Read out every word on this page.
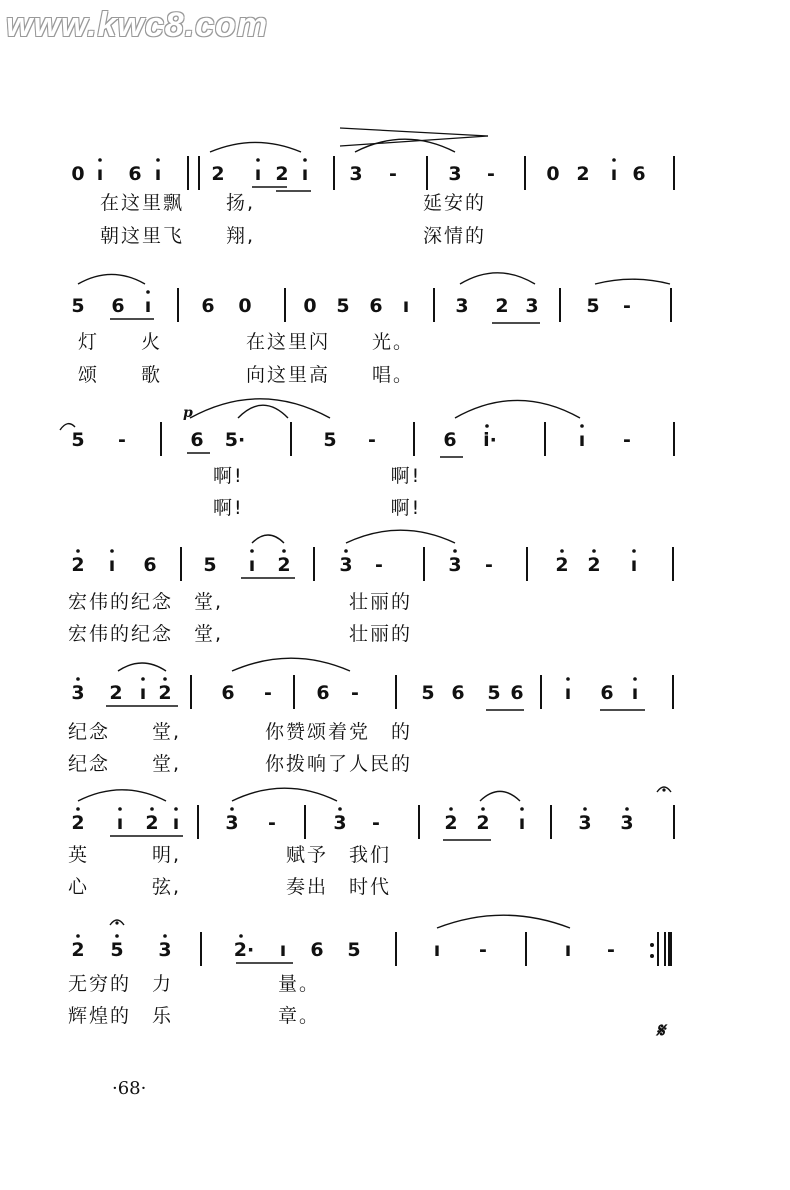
www.kwc8.com
0 ı	6 ı	2	ı 2 ı	3	-	3	-	0 2	ı 6
在这里飘　　扬,　　　　　　　　延安的
朝这里飞　　翔,　　　　　　　　深情的
5 6	ı	6 0	0 5 6	ı	3 2 3	5	-
灯　　火　　　　在这里闪　　光。
颂　　歌　　　　向这里高　　唱。
5	-	6 5·	5	-	6 i·	ı	-
　　　　　啊!　　　　　　　啊!
　　　　　啊!　　　　　　　啊!
2	ı	6 5	ı	2	3	-	3	-	2 2	ı
宏伟的纪念　堂,　　　　　　壮丽的
宏伟的纪念　堂,　　　　　　壮丽的
3 2 ı 2	6	-	6	-	5 6 5 6	ı	6 ı
纪念　　堂,　　　　你赞颂着党　的
纪念　　堂,　　　　你拨响了人民的
2	ı	2 ı	3	-	3	-	2 2	ı	3 3
英　　　明,　　　　　赋予　我们
心　　　弦,　　　　　奏出　时代
2 5 3	2·	ı	6 5	ı	-	ı	-
无穷的　力　　　　　量。
辉煌的　乐　　　　　章。
p
𝄋
·68·
